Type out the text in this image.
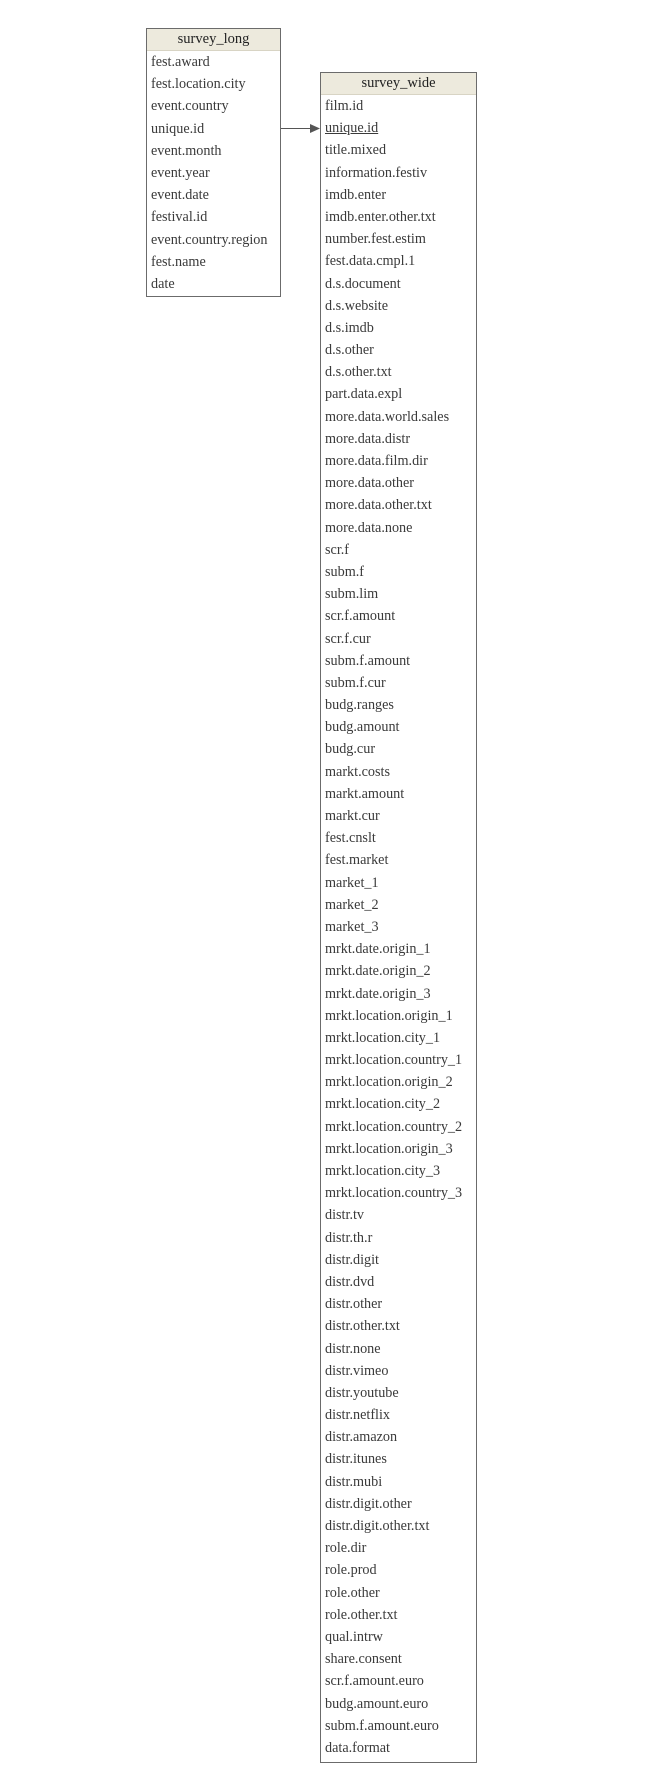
survey_long
fest.award
fest.location.city
event.country
unique.id
event.month
event.year
event.date
festival.id
event.country.region
fest.name
date
survey_wide
film.id
unique.id
title.mixed
information.festiv
imdb.enter
imdb.enter.other.txt
number.fest.estim
fest.data.cmpl.1
d.s.document
d.s.website
d.s.imdb
d.s.other
d.s.other.txt
part.data.expl
more.data.world.sales
more.data.distr
more.data.film.dir
more.data.other
more.data.other.txt
more.data.none
scr.f
subm.f
subm.lim
scr.f.amount
scr.f.cur
subm.f.amount
subm.f.cur
budg.ranges
budg.amount
budg.cur
markt.costs
markt.amount
markt.cur
fest.cnslt
fest.market
market_1
market_2
market_3
mrkt.date.origin_1
mrkt.date.origin_2
mrkt.date.origin_3
mrkt.location.origin_1
mrkt.location.city_1
mrkt.location.country_1
mrkt.location.origin_2
mrkt.location.city_2
mrkt.location.country_2
mrkt.location.origin_3
mrkt.location.city_3
mrkt.location.country_3
distr.tv
distr.th.r
distr.digit
distr.dvd
distr.other
distr.other.txt
distr.none
distr.vimeo
distr.youtube
distr.netflix
distr.amazon
distr.itunes
distr.mubi
distr.digit.other
distr.digit.other.txt
role.dir
role.prod
role.other
role.other.txt
qual.intrw
share.consent
scr.f.amount.euro
budg.amount.euro
subm.f.amount.euro
data.format
